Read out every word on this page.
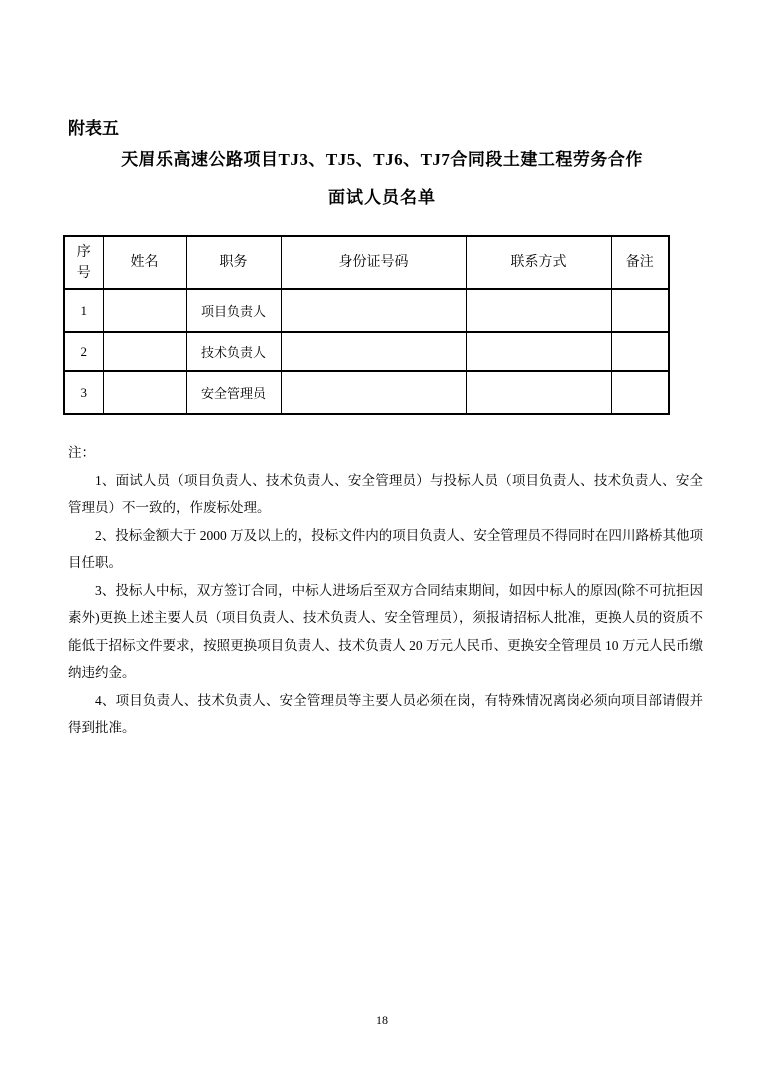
附表五
天眉乐高速公路项目TJ3、TJ5、TJ6、TJ7合同段土建工程劳务合作
面试人员名单
序号	姓名	职务	身份证号码	联系方式	备注
1		项目负责人			
2		技术负责人			
3		安全管理员			
注：

1、面试人员（项目负责人、技术负责人、安全管理员）与投标人员（项目负责人、技术负责人、安全管理员）不一致的，作废标处理。

2、投标金额大于 2000 万及以上的，投标文件内的项目负责人、安全管理员不得同时在四川路桥其他项目任职。

3、投标人中标，双方签订合同，中标人进场后至双方合同结束期间，如因中标人的原因(除不可抗拒因素外)更换上述主要人员（项目负责人、技术负责人、安全管理员），须报请招标人批准，更换人员的资质不能低于招标文件要求，按照更换项目负责人、技术负责人 20 万元人民币、更换安全管理员 10 万元人民币缴纳违约金。

4、项目负责人、技术负责人、安全管理员等主要人员必须在岗，有特殊情况离岗必须向项目部请假并得到批准。

18
